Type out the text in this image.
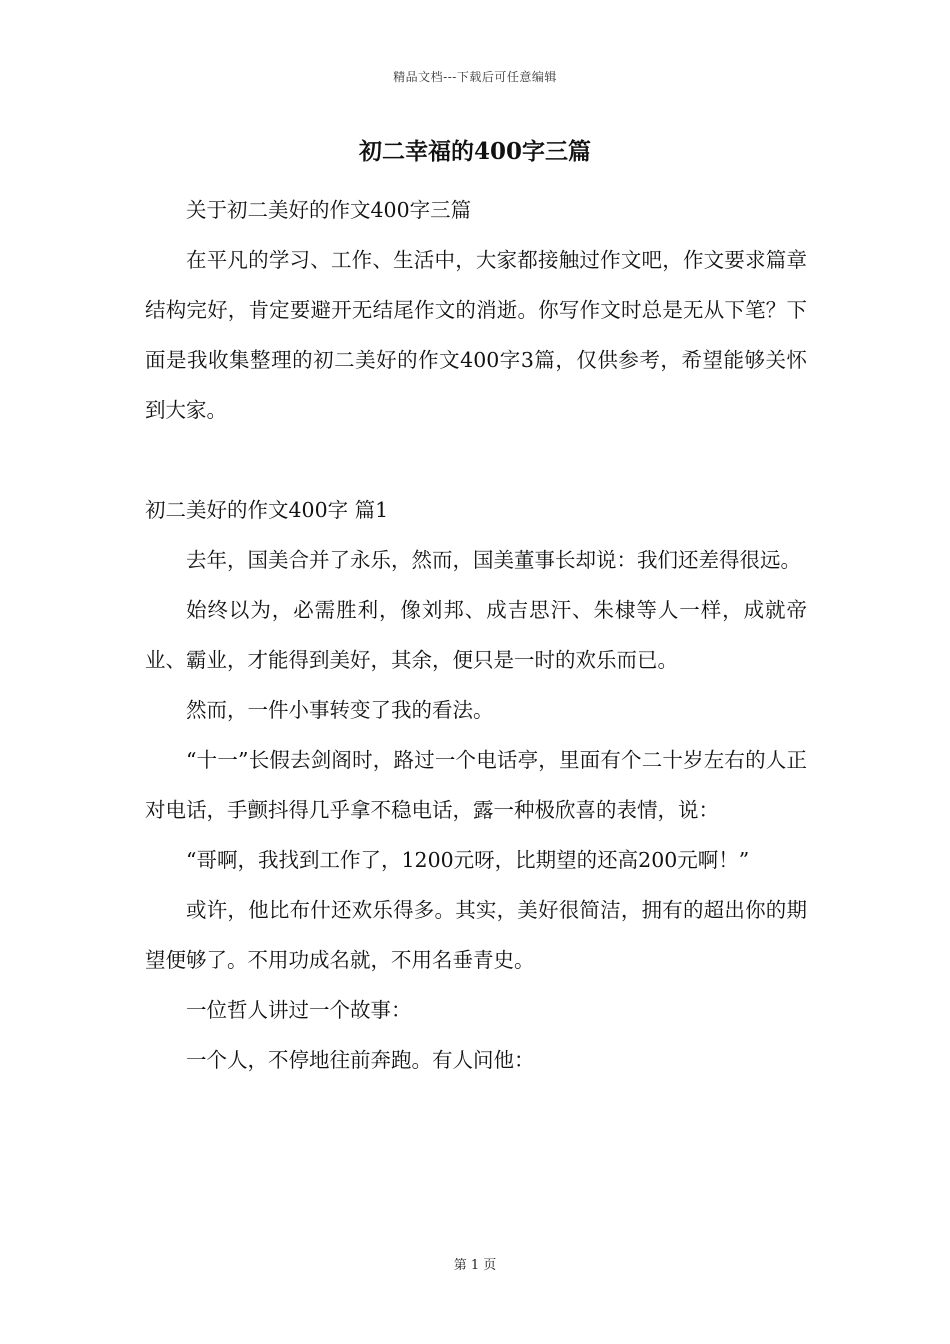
精品文档---下载后可任意编辑
初二幸福的400字三篇

关于初二美好的作文400字三篇

在平凡的学习、工作、生活中，大家都接触过作文吧，作文要求篇章结构完好，肯定要避开无结尾作文的消逝。你写作文时总是无从下笔？下面是我收集整理的初二美好的作文400字3篇，仅供参考，希望能够关怀到大家。

初二美好的作文400字 篇1

去年，国美合并了永乐，然而，国美董事长却说：我们还差得很远。

始终以为，必需胜利，像刘邦、成吉思汗、朱棣等人一样，成就帝业、霸业，才能得到美好，其余，便只是一时的欢乐而已。

然而，一件小事转变了我的看法。

“十一”长假去剑阁时，路过一个电话亭，里面有个二十岁左右的人正对电话，手颤抖得几乎拿不稳电话，露一种极欣喜的表情，说：

“哥啊，我找到工作了，1200元呀，比期望的还高200元啊！”

或许，他比布什还欢乐得多。其实，美好很简洁，拥有的超出你的期望便够了。不用功成名就，不用名垂青史。

一位哲人讲过一个故事：

一个人，不停地往前奔跑。有人问他：

第 1 页
